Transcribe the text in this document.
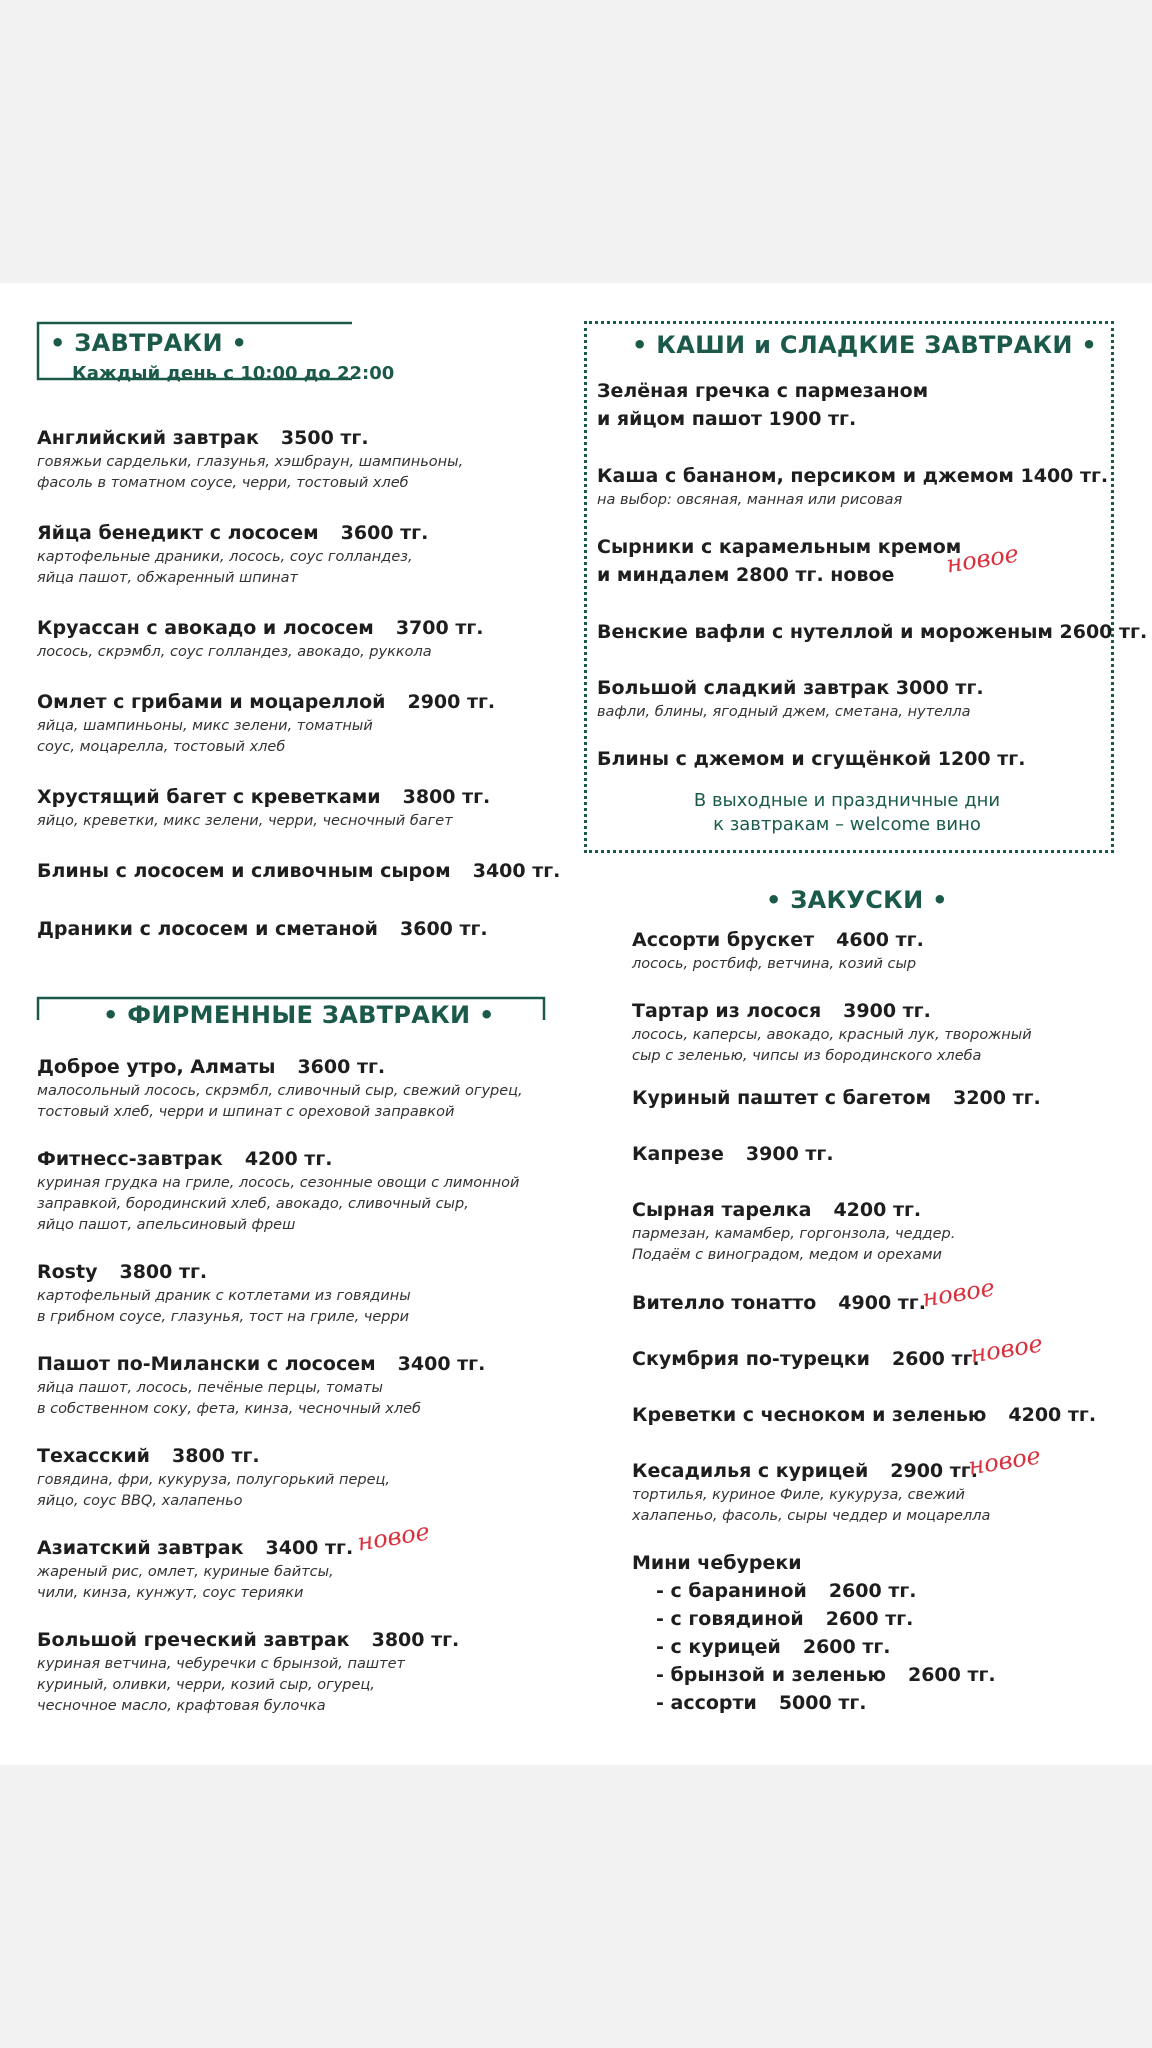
• ЗАВТРАКИ •
Каждый день с 10:00 до 22:00
Английский завтрак 3500 тг.
говяжьи сардельки, глазунья, хэшбраун, шампиньоны,
фасоль в томатном соусе, черри, тостовый хлеб
Яйца бенедикт с лососем 3600 тг.
картофельные драники, лосось, соус голландез,
яйца пашот, обжаренный шпинат
Круассан с авокадо и лососем 3700 тг.
лосось, скрэмбл, соус голландез, авокадо, руккола
Омлет с грибами и моцареллой 2900 тг.
яйца, шампиньоны, микс зелени, томатный
соус, моцарелла, тостовый хлеб
Хрустящий багет с креветками 3800 тг.
яйцо, креветки, микс зелени, черри, чесночный багет
Блины с лососем и сливочным сыром 3400 тг.
Драники с лососем и сметаной 3600 тг.
• ФИРМЕННЫЕ ЗАВТРАКИ •
Доброе утро, Алматы 3600 тг.
малосольный лосось, скрэмбл, сливочный сыр, свежий огурец,
тостовый хлеб, черри и шпинат с ореховой заправкой
Фитнесс-завтрак 4200 тг.
куриная грудка на гриле, лосось, сезонные овощи с лимонной
заправкой, бородинский хлеб, авокадо, сливочный сыр,
яйцо пашот, апельсиновый фреш
Rosty 3800 тг.
картофельный драник с котлетами из говядины
в грибном соусе, глазунья, тост на гриле, черри
Пашот по-Милански с лососем 3400 тг.
яйца пашот, лосось, печёные перцы, томаты
в собственном соку, фета, кинза, чесночный хлеб
Техасский 3800 тг.
говядина, фри, кукуруза, полугорький перец,
яйцо, соус BBQ, халапеньо
Азиатский завтрак 3400 тг.
жареный рис, омлет, куриные байтсы,
чили, кинза, кунжут, соус терияки
новое
Большой греческий завтрак 3800 тг.
куриная ветчина, чебуречки с брынзой, паштет
куриный, оливки, черри, козий сыр, огурец,
чесночное масло, крафтовая булочка
• КАШИ и СЛАДКИЕ ЗАВТРАКИ •
Зелёная гречка с пармезаном
и яйцом пашот 1900 тг.
Каша с бананом, персиком и джемом 1400 тг.
на выбор: овсяная, манная или рисовая
Сырники с карамельным кремом
и миндалем 2800 тг. новое	новое
Венские вафли с нутеллой и мороженым 2600 тг.
Большой сладкий завтрак 3000 тг.
вафли, блины, ягодный джем, сметана, нутелла
Блины с джемом и сгущёнкой 1200 тг.
В выходные и праздничные дни
к завтракам – welcome вино
• ЗАКУСКИ •
Ассорти брускет 4600 тг.
лосось, ростбиф, ветчина, козий сыр
Тартар из лосося 3900 тг.
лосось, каперсы, авокадо, красный лук, творожный
сыр с зеленью, чипсы из бородинского хлеба
Куриный паштет с багетом 3200 тг.
Капрезе 3900 тг.
Сырная тарелка 4200 тг.
пармезан, камамбер, горгонзола, чеддер.
Подаём с виноградом, медом и орехами
Вителло тонатто 4900 тг.
новое
Скумбрия по-турецки 2600 тг.
новое
Креветки с чесноком и зеленью 4200 тг.
Кесадилья с курицей 2900 тг.
тортилья, куриное Филе, кукуруза, свежий
халапеньо, фасоль, сыры чеддер и моцарелла
новое
Мини чебуреки
- с бараниной 2600 тг.
- с говядиной 2600 тг.
- с курицей 2600 тг.
- брынзой и зеленью 2600 тг.
- ассорти 5000 тг.
